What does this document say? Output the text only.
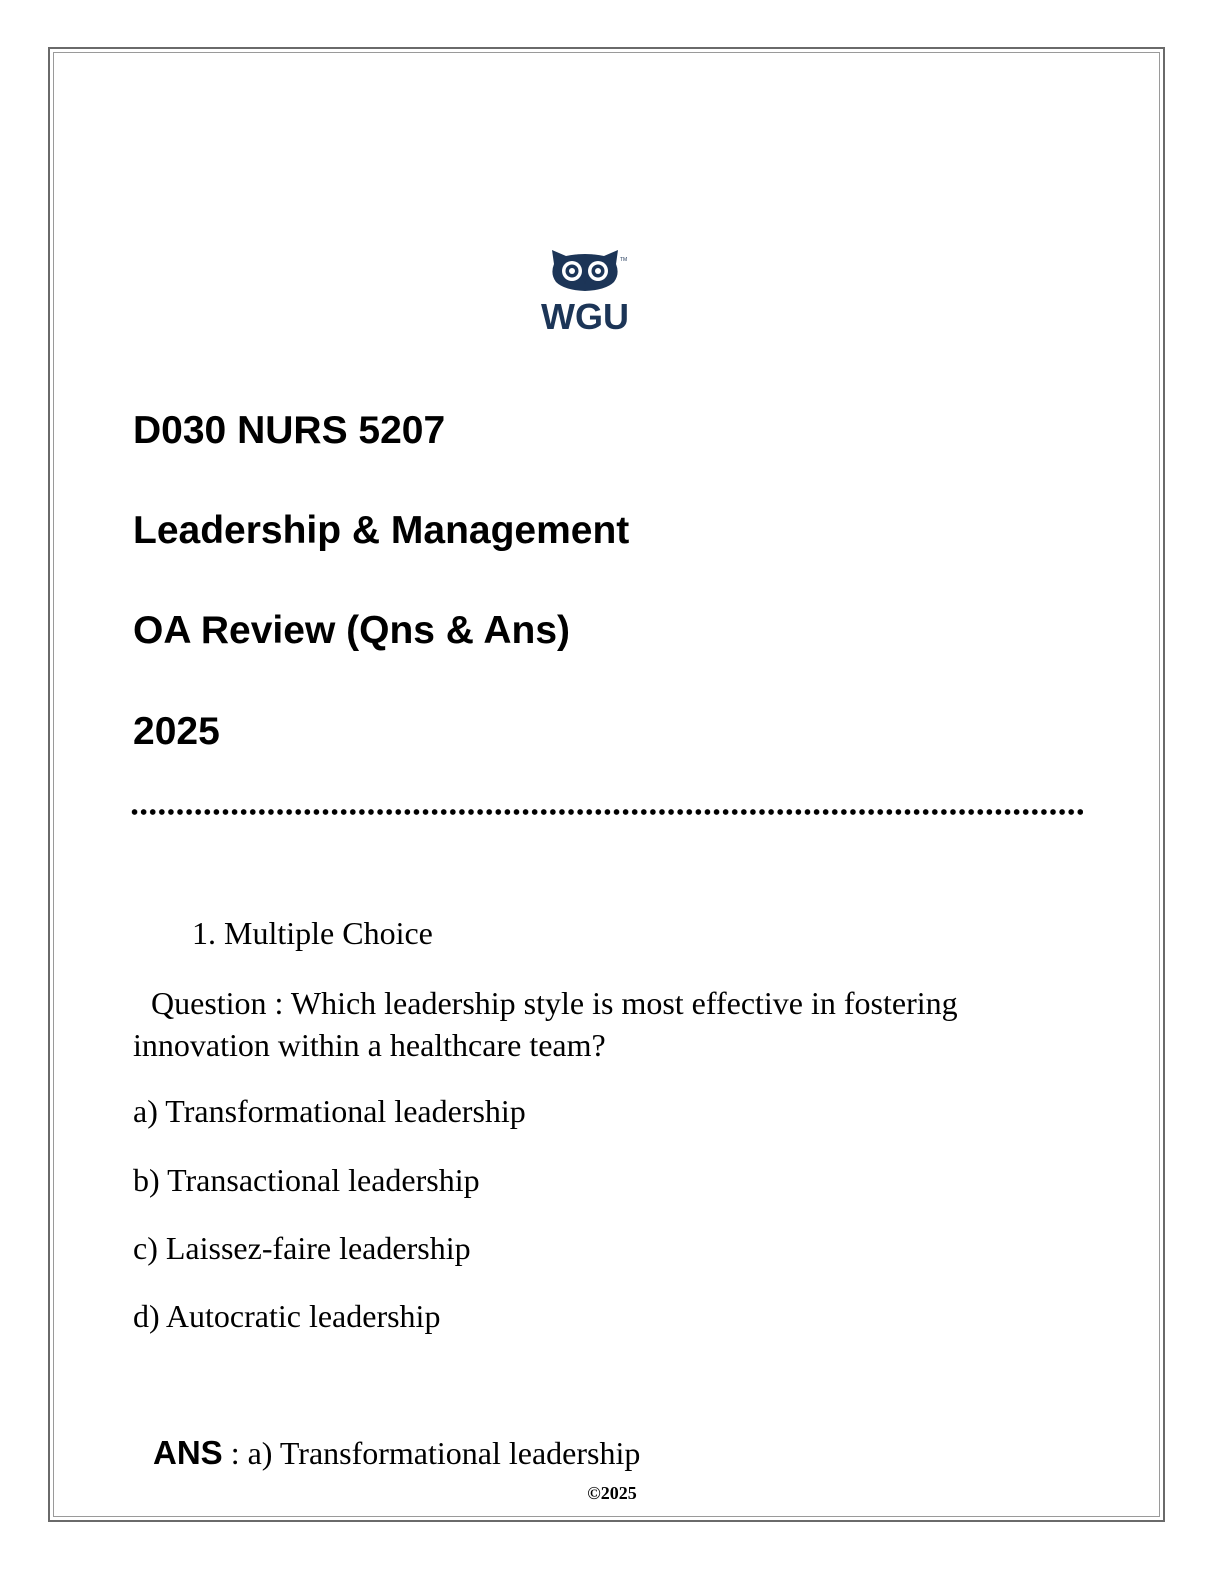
TM
WGU
D030 NURS 5207
Leadership & Management
OA Review (Qns & Ans)
2025
1. Multiple Choice
Question : Which leadership style is most effective in fostering innovation within a healthcare team?
a) Transformational leadership
b) Transactional leadership
c) Laissez-faire leadership
d) Autocratic leadership
ANS : a) Transformational leadership
©2025
